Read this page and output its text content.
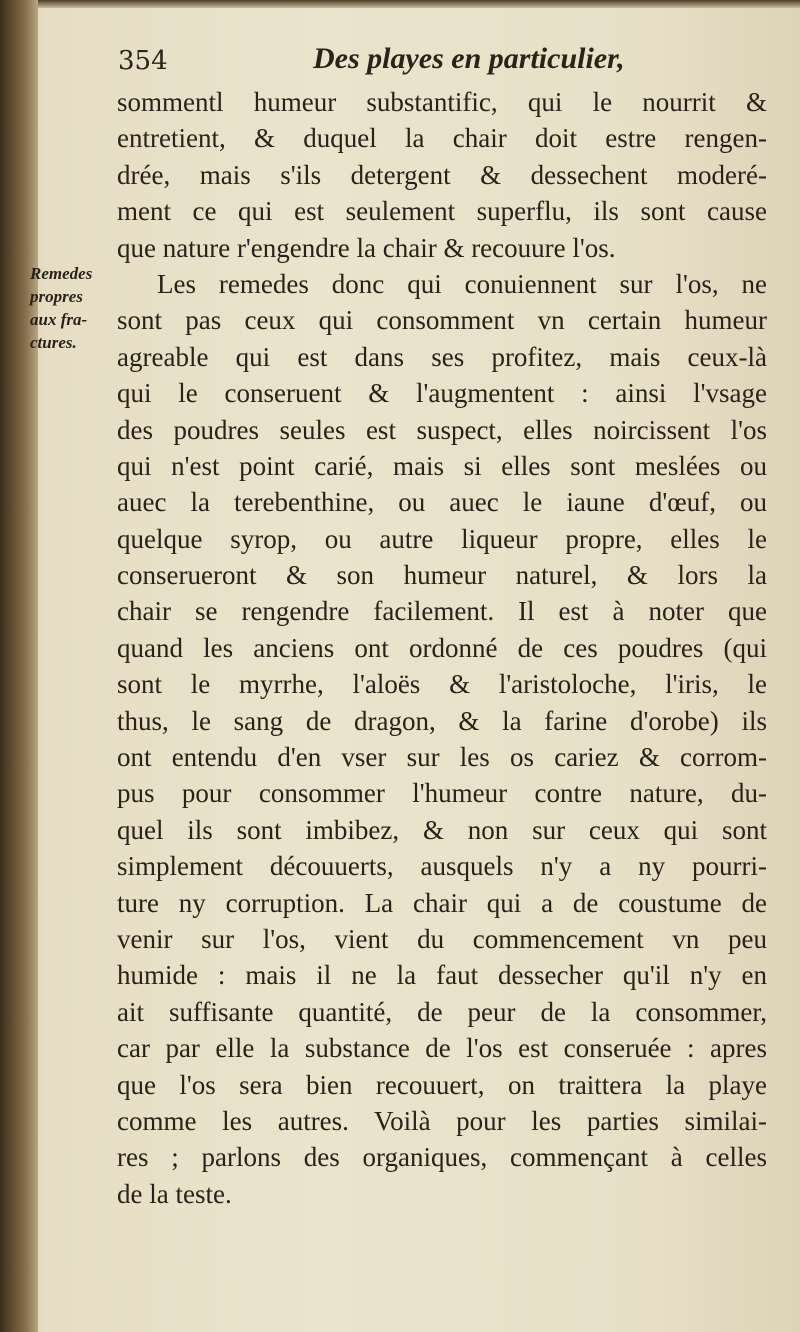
354	Des playes en particulier,
Remedes
propres
aux fra-
ctures.
sommentl humeur substantific, qui le nourrit &
entretient, & duquel la chair doit estre rengen-
drée, mais s'ils detergent & dessechent moderé-
ment ce qui est seulement superflu, ils sont cause
que nature r'engendre la chair & recouure l'os.
Les remedes donc qui conuiennent sur l'os, ne
sont pas ceux qui consomment vn certain humeur
agreable qui est dans ses profitez, mais ceux-là
qui le conseruent & l'augmentent : ainsi l'vsage
des poudres seules est suspect, elles noircissent l'os
qui n'est point carié, mais si elles sont meslées ou
auec la terebenthine, ou auec le iaune d'œuf, ou
quelque syrop, ou autre liqueur propre, elles le
conserueront & son humeur naturel, & lors la
chair se rengendre facilement. Il est à noter que
quand les anciens ont ordonné de ces poudres (qui
sont le myrrhe, l'aloës & l'aristoloche, l'iris, le
thus, le sang de dragon, & la farine d'orobe) ils
ont entendu d'en vser sur les os cariez & corrom-
pus pour consommer l'humeur contre nature, du-
quel ils sont imbibez, & non sur ceux qui sont
simplement découuerts, ausquels n'y a ny pourri-
ture ny corruption. La chair qui a de coustume de
venir sur l'os, vient du commencement vn peu
humide : mais il ne la faut dessecher qu'il n'y en
ait suffisante quantité, de peur de la consommer,
car par elle la substance de l'os est conseruée : apres
que l'os sera bien recouuert, on traittera la playe
comme les autres. Voilà pour les parties similai-
res ; parlons des organiques, commençant à celles
de la teste.
